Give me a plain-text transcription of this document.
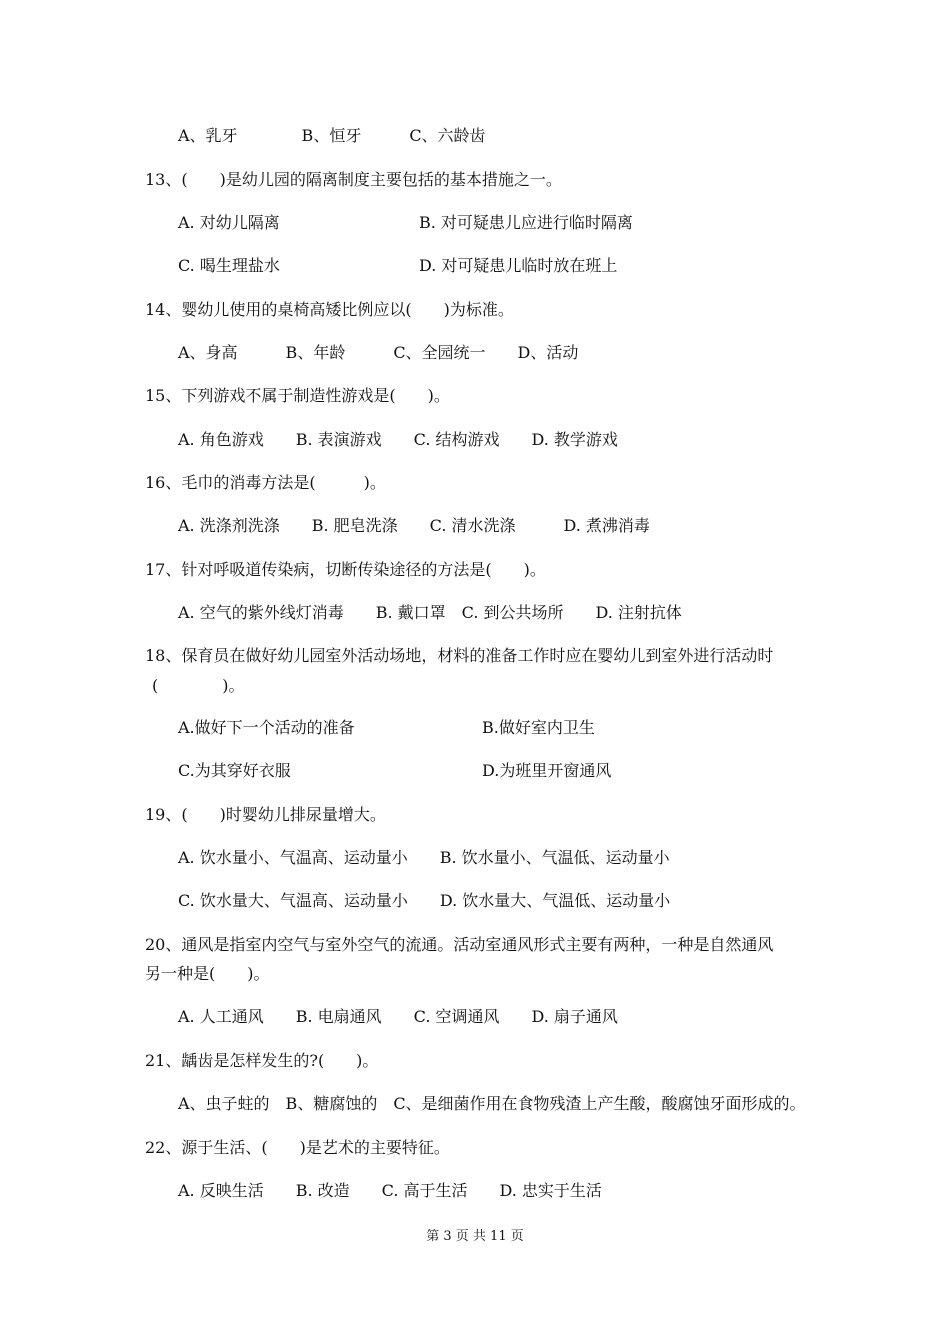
A、乳牙　　　　B、恒牙　　　C、六龄齿
13、(　　)是幼儿园的隔离制度主要包括的基本措施之一。
A. 对幼儿隔离	B. 对可疑患儿应进行临时隔离
C. 喝生理盐水	D. 对可疑患儿临时放在班上
14、婴幼儿使用的桌椅高矮比例应以(　　)为标准。
A、身高　　　B、年龄　　　C、全园统一　　D、活动
15、下列游戏不属于制造性游戏是(　　)。
A. 角色游戏　　B. 表演游戏　　C. 结构游戏　　D. 教学游戏
16、毛巾的消毒方法是(　　　)。
A. 洗涤剂洗涤　　B. 肥皂洗涤　　C. 清水洗涤　　　D. 煮沸消毒
17、针对呼吸道传染病，切断传染途径的方法是(　　)。
A. 空气的紫外线灯消毒　　B. 戴口罩　C. 到公共场所　　D. 注射抗体
18、保育员在做好幼儿园室外活动场地，材料的准备工作时应在婴幼儿到室外进行活动时
(　　　　)。
A.做好下一个活动的准备	B.做好室内卫生
C.为其穿好衣服	D.为班里开窗通风
19、(　　)时婴幼儿排尿量增大。
A. 饮水量小、气温高、运动量小　　B. 饮水量小、气温低、运动量小
C. 饮水量大、气温高、运动量小　　D. 饮水量大、气温低、运动量小
20、通风是指室内空气与室外空气的流通。活动室通风形式主要有两种，一种是自然通风
另一种是(　　)。
A. 人工通风　　B. 电扇通风　　C. 空调通风　　D. 扇子通风
21、龋齿是怎样发生的?(　　)。
A、虫子蛀的　B、糖腐蚀的　C、是细菌作用在食物残渣上产生酸，酸腐蚀牙面形成的。
22、源于生活、(　　)是艺术的主要特征。
A. 反映生活　　B. 改造　　C. 高于生活　　D. 忠实于生活
第 3 页 共 11 页
